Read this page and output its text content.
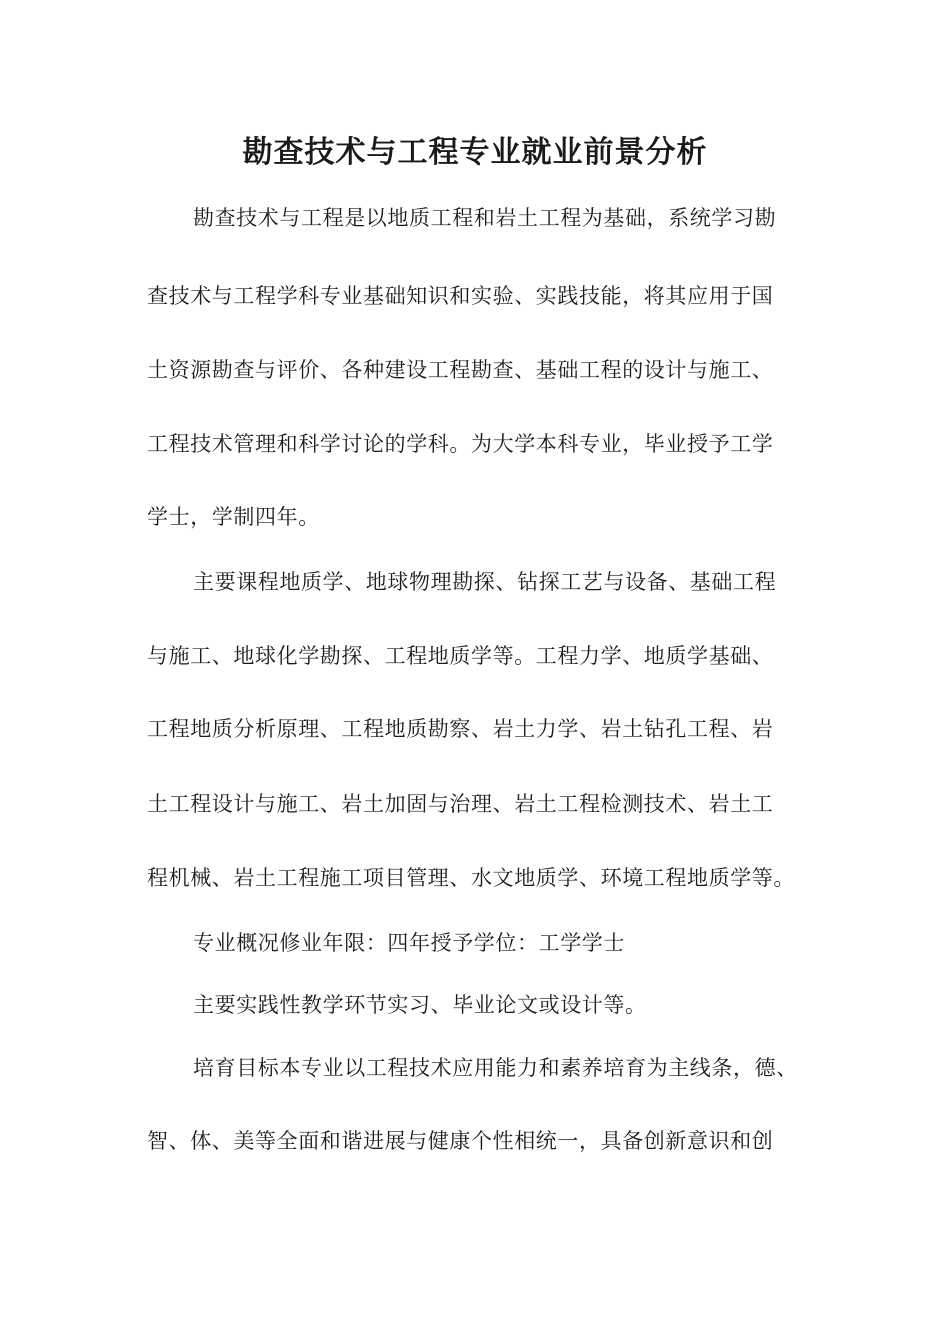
勘查技术与工程专业就业前景分析
勘查技术与工程是以地质工程和岩土工程为基础，系统学习勘
查技术与工程学科专业基础知识和实验、实践技能，将其应用于国
土资源勘查与评价、各种建设工程勘查、基础工程的设计与施工、
工程技术管理和科学讨论的学科。为大学本科专业，毕业授予工学
学士，学制四年。
主要课程地质学、地球物理勘探、钻探工艺与设备、基础工程
与施工、地球化学勘探、工程地质学等。工程力学、地质学基础、
工程地质分析原理、工程地质勘察、岩土力学、岩土钻孔工程、岩
土工程设计与施工、岩土加固与治理、岩土工程检测技术、岩土工
程机械、岩土工程施工项目管理、水文地质学、环境工程地质学等。
专业概况修业年限：四年授予学位：工学学士
主要实践性教学环节实习、毕业论文或设计等。
培育目标本专业以工程技术应用能力和素养培育为主线条，德、
智、体、美等全面和谐进展与健康个性相统一，具备创新意识和创
